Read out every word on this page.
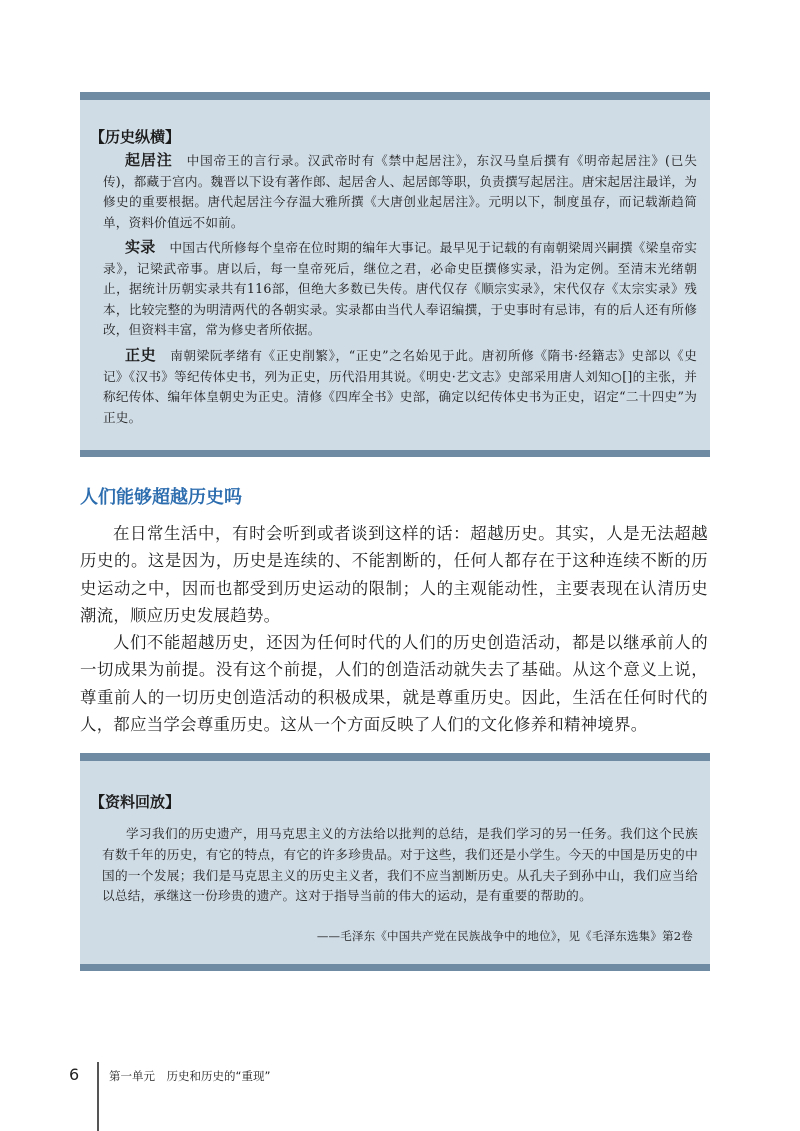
【历史纵横】

起居注 中国帝王的言行录。汉武帝时有《禁中起居注》，东汉马皇后撰有《明帝起居注》(已失传)，都藏于宫内。魏晋以下设有著作郎、起居舍人、起居郎等职，负责撰写起居注。唐宋起居注最详，为修史的重要根据。唐代起居注今存温大雅所撰《大唐创业起居注》。元明以下，制度虽存，而记载渐趋简单，资料价值远不如前。

实录 中国古代所修每个皇帝在位时期的编年大事记。最早见于记载的有南朝梁周兴嗣撰《梁皇帝实录》，记梁武帝事。唐以后，每一皇帝死后，继位之君，必命史臣撰修实录，沿为定例。至清末光绪朝止，据统计历朝实录共有116部，但绝大多数已失传。唐代仅存《顺宗实录》，宋代仅存《太宗实录》残本，比较完整的为明清两代的各朝实录。实录都由当代人奉诏编撰，于史事时有忌讳，有的后人还有所修改，但资料丰富，常为修史者所依据。

正史 南朝梁阮孝绪有《正史削繁》，“正史”之名始见于此。唐初所修《隋书·经籍志》史部以《史记》《汉书》等纪传体史书，列为正史，历代沿用其说。《明史·艺文志》史部采用唐人刘知○[]的主张，并称纪传体、编年体皇朝史为正史。清修《四库全书》史部，确定以纪传体史书为正史，诏定“二十四史”为正史。

人们能够超越历史吗

在日常生活中，有时会听到或者谈到这样的话：超越历史。其实，人是无法超越历史的。这是因为，历史是连续的、不能割断的，任何人都存在于这种连续不断的历史运动之中，因而也都受到历史运动的限制；人的主观能动性，主要表现在认清历史潮流，顺应历史发展趋势。

人们不能超越历史，还因为任何时代的人们的历史创造活动，都是以继承前人的一切成果为前提。没有这个前提，人们的创造活动就失去了基础。从这个意义上说，尊重前人的一切历史创造活动的积极成果，就是尊重历史。因此，生活在任何时代的人，都应当学会尊重历史。这从一个方面反映了人们的文化修养和精神境界。

【资料回放】

学习我们的历史遗产，用马克思主义的方法给以批判的总结，是我们学习的另一任务。我们这个民族有数千年的历史，有它的特点，有它的许多珍贵品。对于这些，我们还是小学生。今天的中国是历史的中国的一个发展；我们是马克思主义的历史主义者，我们不应当割断历史。从孔夫子到孙中山，我们应当给以总结，承继这一份珍贵的遗产。这对于指导当前的伟大的运动，是有重要的帮助的。

——毛泽东《中国共产党在民族战争中的地位》，见《毛泽东选集》第2卷

6	第一单元　历史和历史的“重现”
